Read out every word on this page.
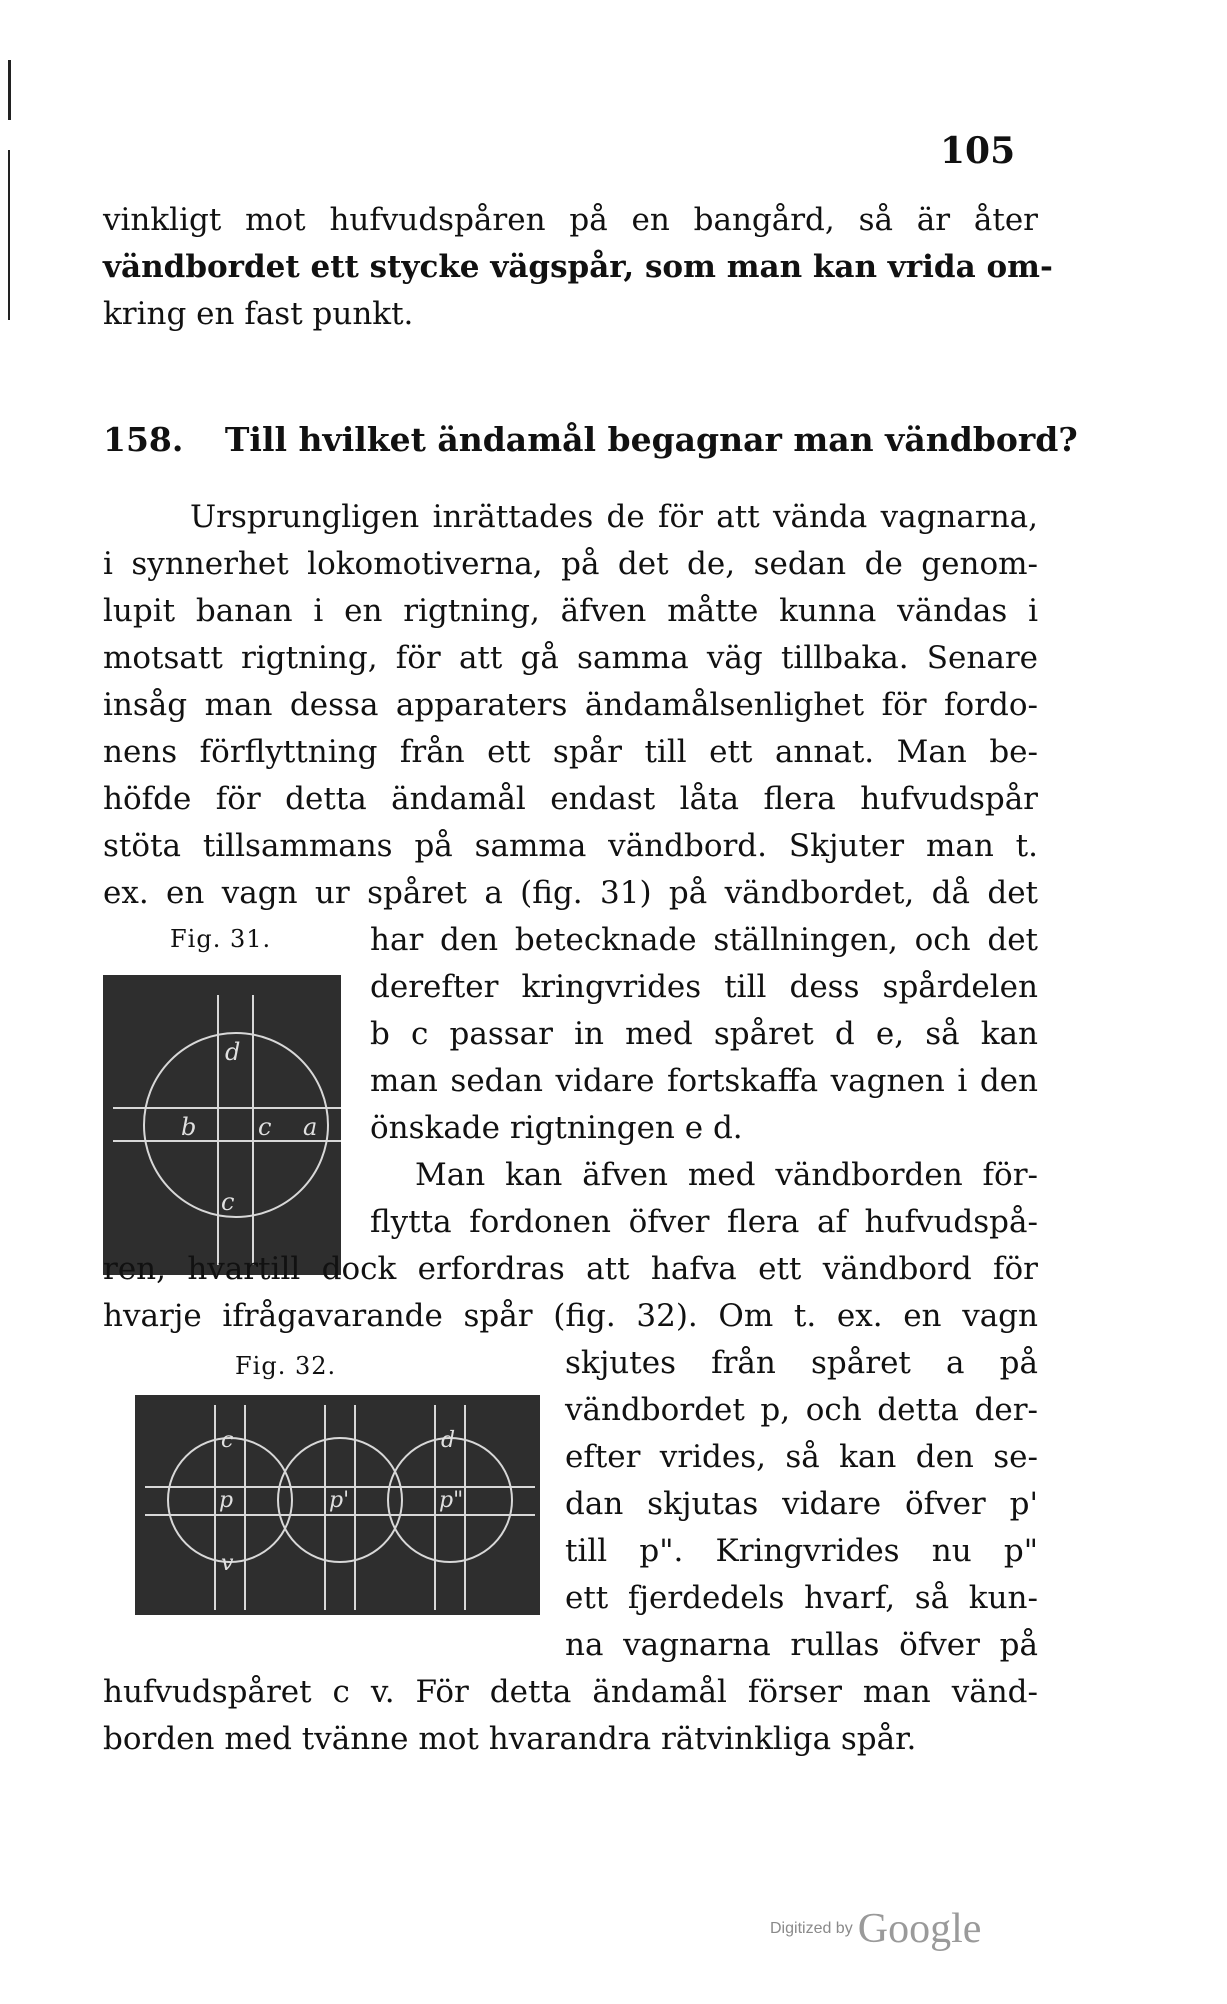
105
vinkligt mot hufvudspåren på en bangård, så är åter
vändbordet ett stycke vägspår, som man kan vrida om-
kring en fast punkt.
158. Till hvilket ändamål begagnar man vändbord?
Ursprungligen inrättades de för att vända vagnarna,
i synnerhet lokomotiverna, på det de, sedan de genom-
lupit banan i en rigtning, äfven måtte kunna vändas i
motsatt rigtning, för att gå samma väg tillbaka. Senare
insåg man dessa apparaters ändamålsenlighet för fordo-
nens förflyttning från ett spår till ett annat. Man be-
höfde för detta ändamål endast låta flera hufvudspår
stöta tillsammans på samma vändbord. Skjuter man t.
ex. en vagn ur spåret a (fig. 31) på vändbordet, då det
Fig. 31.
d
b	c a
c
har den betecknade ställningen, och det
derefter kringvrides till dess spårdelen
b c passar in med spåret d e, så kan
man sedan vidare fortskaffa vagnen i den
önskade rigtningen e d.
Man kan äfven med vändborden för-
flytta fordonen öfver flera af hufvudspå-
ren, hvartill dock erfordras att hafva ett vändbord för
hvarje ifrågavarande spår (fig. 32). Om t. ex. en vagn
Fig. 32.
c	d
p	p'	p"
v
skjutes från spåret a på
vändbordet p, och detta der-
efter vrides, så kan den se-
dan skjutas vidare öfver p'
till p". Kringvrides nu p"
ett fjerdedels hvarf, så kun-
na vagnarna rullas öfver på
hufvudspåret c v. För detta ändamål förser man vänd-
borden med tvänne mot hvarandra rätvinkliga spår.
Digitized by Google
